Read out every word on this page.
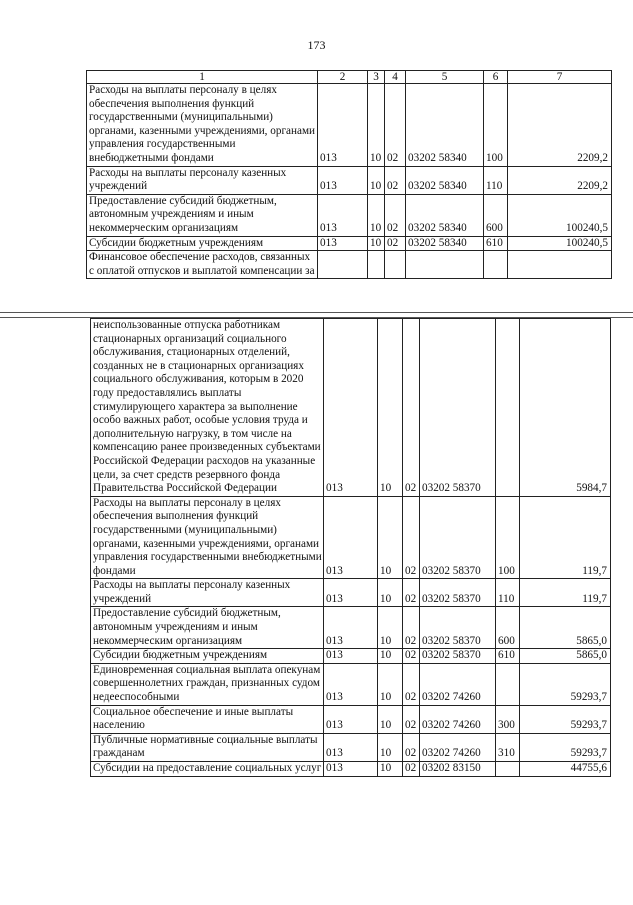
173
1	2	3	4	5	6	7
Расходы на выплаты персоналу в целях обеспечения выполнения функций государственными (муниципальными) органами, казенными учреждениями, органами управления государственными внебюджетными фондами	013	10	02	03202 58340	100	2209,2
Расходы на выплаты персоналу казенных учреждений	013	10	02	03202 58340	110	2209,2
Предоставление субсидий бюджетным, автономным учреждениям и иным некоммерческим организациям	013	10	02	03202 58340	600	100240,5
Субсидии бюджетным учреждениям	013	10	02	03202 58340	610	100240,5
Финансовое обеспечение расходов, связанных с оплатой отпусков и выплатой компенсации за						
неиспользованные отпуска работникам стационарных организаций социального обслуживания, стационарных отделений, созданных не в стационарных организациях социального обслуживания, которым в 2020 году предоставлялись выплаты стимулирующего характера за выполнение особо важных работ, особые условия труда и дополнительную нагрузку, в том числе на компенсацию ранее произведенных субъектами Российской Федерации расходов на указанные цели, за счет средств резервного фонда Правительства Российской Федерации	013	10	02	03202 58370		5984,7
Расходы на выплаты персоналу в целях обеспечения выполнения функций государственными (муниципальными) органами, казенными учреждениями, органами управления государственными внебюджетными фондами	013	10	02	03202 58370	100	119,7
Расходы на выплаты персоналу казенных учреждений	013	10	02	03202 58370	110	119,7
Предоставление субсидий бюджетным, автономным учреждениям и иным некоммерческим организациям	013	10	02	03202 58370	600	5865,0
Субсидии бюджетным учреждениям	013	10	02	03202 58370	610	5865,0
Единовременная социальная выплата опекунам совершеннолетних граждан, признанных судом недееспособными	013	10	02	03202 74260		59293,7
Социальное обеспечение и иные выплаты населению	013	10	02	03202 74260	300	59293,7
Публичные нормативные социальные выплаты гражданам	013	10	02	03202 74260	310	59293,7
Субсидии на предоставление социальных услуг	013	10	02	03202 83150		44755,6
